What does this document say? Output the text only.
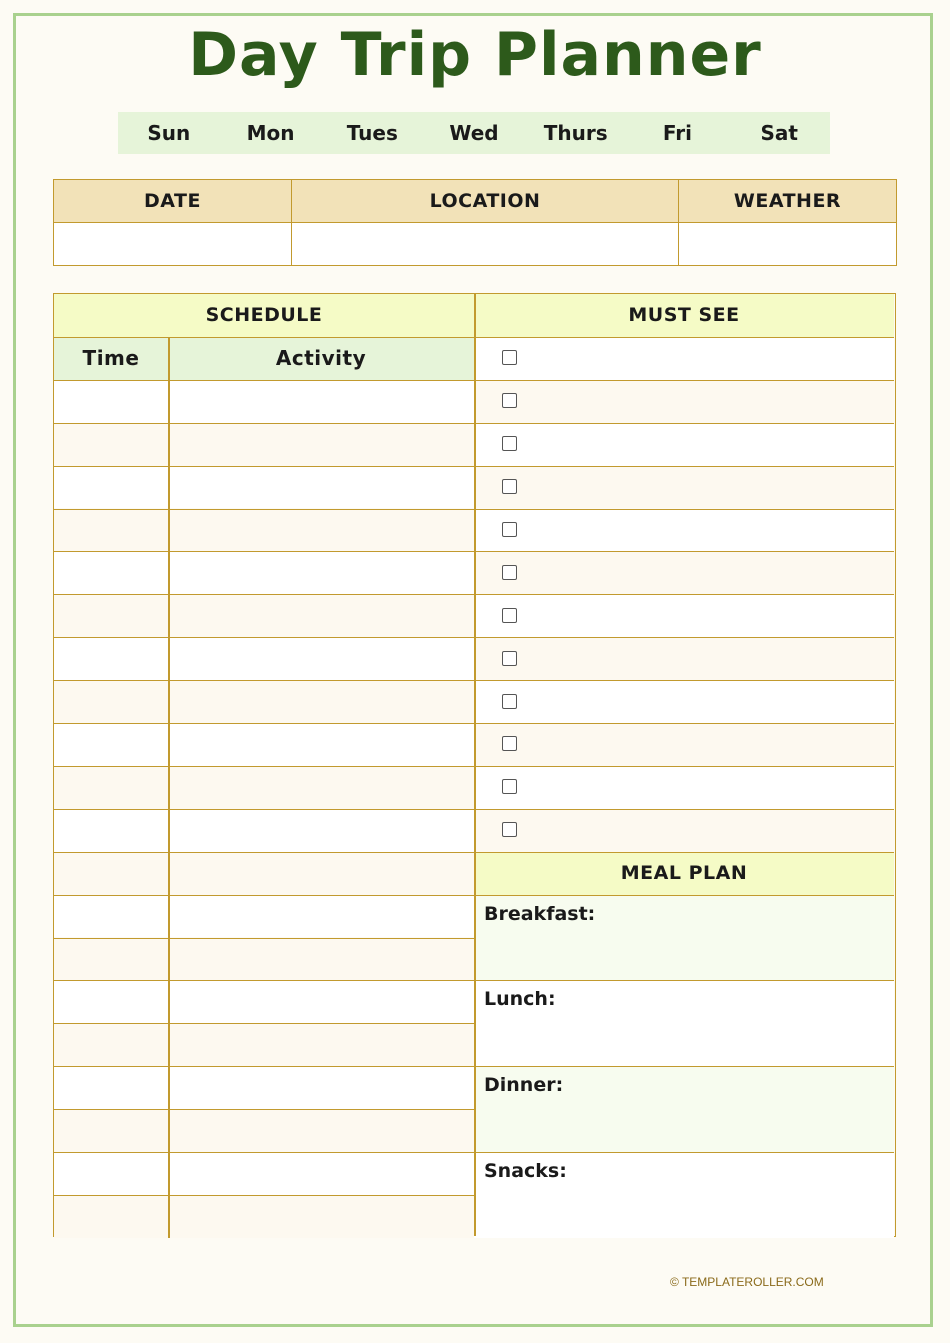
Day Trip Planner
Sun	Mon	Tues	Wed	Thurs	Fri	Sat
DATE	LOCATION	WEATHER

Breakfast:
Lunch:
Dinner:
Snacks:
SCHEDULE	MUST SEE
Time	Activity
MEAL PLAN
© TEMPLATEROLLER.COM
